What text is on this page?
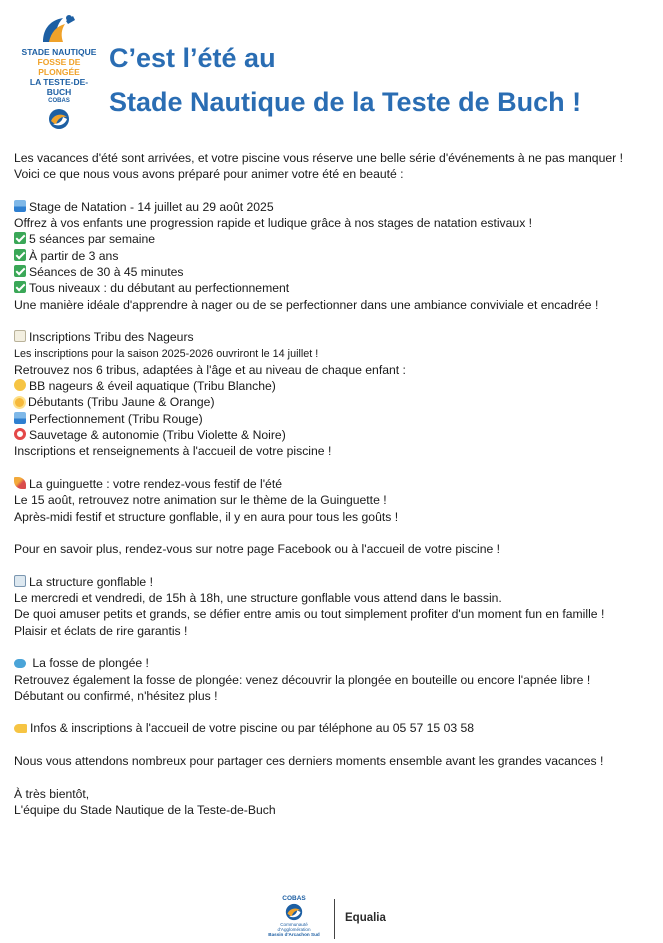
STADE NAUTIQUE
FOSSE DE PLONGÉE
LA TESTE-DE-BUCH
COBAS
C’est l’été au
Stade Nautique de la Teste de Buch !

Les vacances d'été sont arrivées, et votre piscine vous réserve une belle série d'événements à ne pas manquer !

Voici ce que nous vous avons préparé pour animer votre été en beauté :

Stage de Natation - 14 juillet au 29 août 2025

Offrez à vos enfants une progression rapide et ludique grâce à nos stages de natation estivaux !

5 séances par semaine

À partir de 3 ans

Séances de 30 à 45 minutes

Tous niveaux : du débutant au perfectionnement

Une manière idéale d'apprendre à nager ou de se perfectionner dans une ambiance conviviale et encadrée !

Inscriptions Tribu des Nageurs

Les inscriptions pour la saison 2025-2026 ouvriront le 14 juillet !

Retrouvez nos 6 tribus, adaptées à l'âge et au niveau de chaque enfant :

BB nageurs & éveil aquatique (Tribu Blanche)

Débutants (Tribu Jaune & Orange)

Perfectionnement (Tribu Rouge)

Sauvetage & autonomie (Tribu Violette & Noire)

Inscriptions et renseignements à l'accueil de votre piscine !

La guinguette : votre rendez-vous festif de l'été

Le 15 août, retrouvez notre animation sur le thème de la Guinguette !

Après-midi festif et structure gonflable, il y en aura pour tous les goûts !

Pour en savoir plus, rendez-vous sur notre page Facebook ou à l'accueil de votre piscine !

La structure gonflable !

Le mercredi et vendredi, de 15h à 18h, une structure gonflable vous attend dans le bassin.

De quoi amuser petits et grands, se défier entre amis ou tout simplement profiter d'un moment fun en famille !

Plaisir et éclats de rire garantis !

La fosse de plongée !

Retrouvez également la fosse de plongée: venez découvrir la plongée en bouteille ou encore l'apnée libre !

Débutant ou confirmé, n'hésitez plus !

Infos & inscriptions à l'accueil de votre piscine ou par téléphone au 05 57 15 03 58

Nous vous attendons nombreux pour partager ces derniers moments ensemble avant les grandes vacances !

À très bientôt,

L'équipe du Stade Nautique de la Teste-de-Buch

COBAS
Communauté d'Agglomération
Bassin d'Arcachon Sud
Equalia
